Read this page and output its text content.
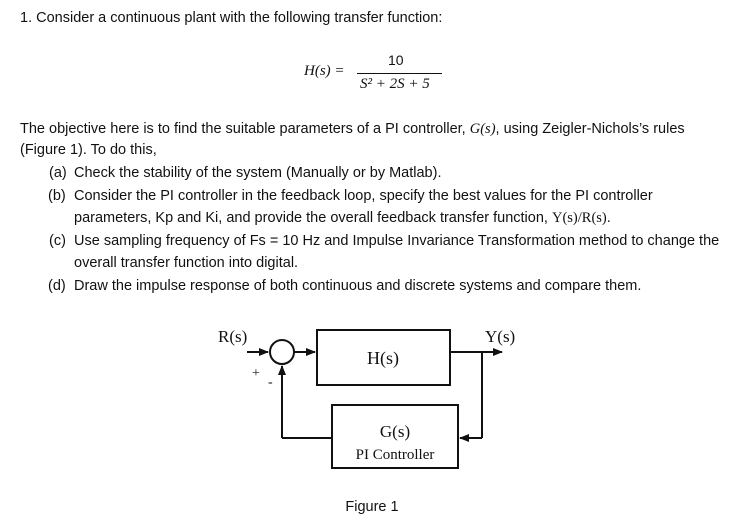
1. Consider a continuous plant with the following transfer function:
H(s) =
10
S² + 2S + 5
The objective here is to find the suitable parameters of a PI controller, G(s), using Zeigler-Nichols’s rules
(Figure 1). To do this,
(a) Check the stability of the system (Manually or by Matlab).
(b) Consider the PI controller in the feedback loop, specify the best values for the PI controller
parameters, Kp and Ki, and provide the overall feedback transfer function, Y(s)/R(s).
(c) Use sampling frequency of Fs = 10 Hz and Impulse Invariance Transformation method to change the
overall transfer function into digital.
(d) Draw the impulse response of both continuous and discrete systems and compare them.
R(s)	Y(s)
+
-
H(s)
G(s)
PI Controller
Figure 1
